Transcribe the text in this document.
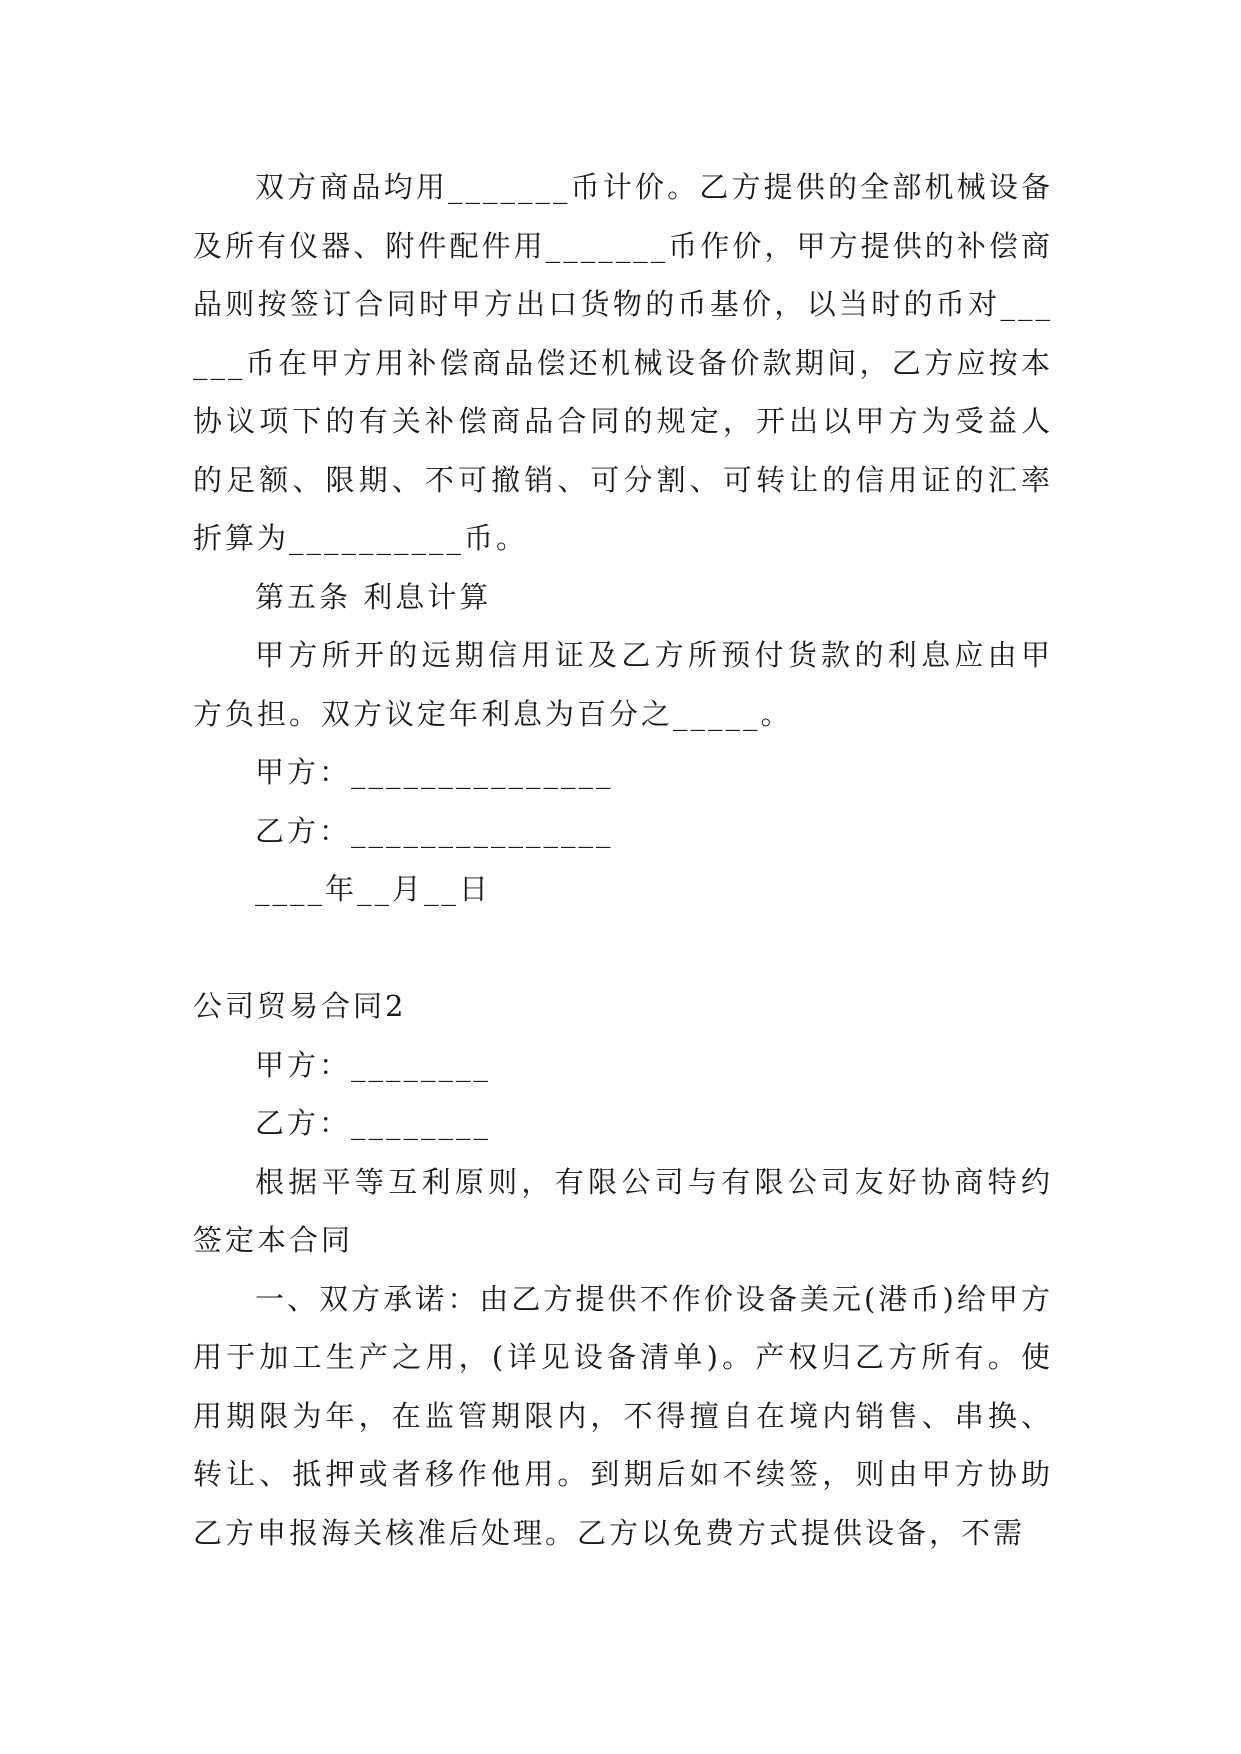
双方商品均用_______币计价。乙方提供的全部机械设备及所有仪器、附件配件用_______币作价，甲方提供的补偿商品则按签订合同时甲方出口货物的币基价，以当时的币对______币在甲方用补偿商品偿还机械设备价款期间，乙方应按本协议项下的有关补偿商品合同的规定，开出以甲方为受益人的足额、限期、不可撤销、可分割、可转让的信用证的汇率折算为__________币。

第五条 利息计算

甲方所开的远期信用证及乙方所预付货款的利息应由甲方负担。双方议定年利息为百分之_____。

甲方：_______________

乙方：_______________

____年__月__日

公司贸易合同2

甲方：________

乙方：________

根据平等互利原则，有限公司与有限公司友好协商特约签定本合同

一、双方承诺：由乙方提供不作价设备美元(港币)给甲方用于加工生产之用，(详见设备清单)。产权归乙方所有。使用期限为年，在监管期限内，不得擅自在境内销售、串换、转让、抵押或者移作他用。到期后如不续签，则由甲方协助乙方申报海关核准后处理。乙方以免费方式提供设备，不需
